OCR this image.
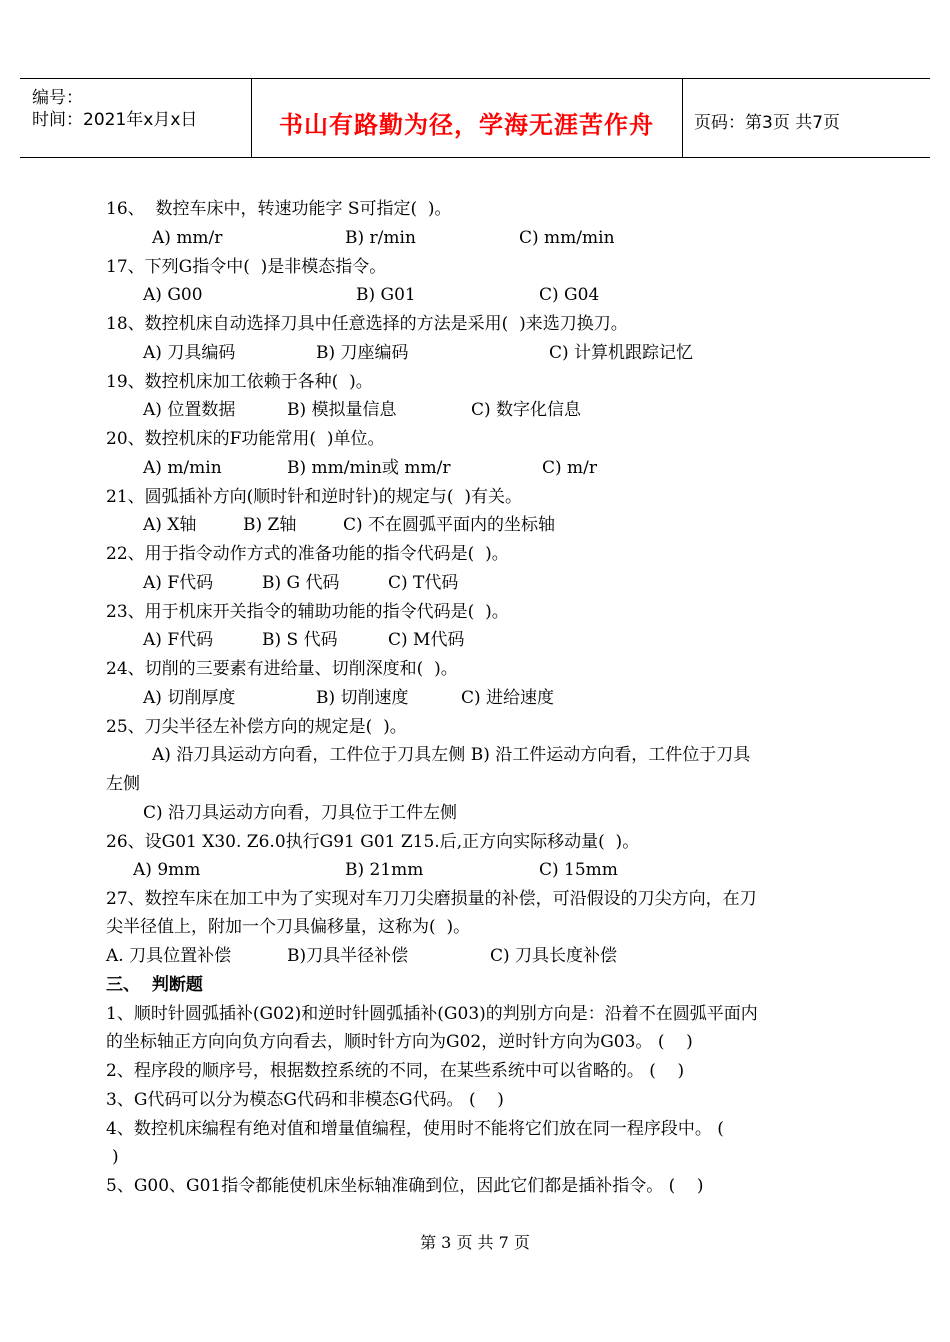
编号：
时间：2021年x月x日	书山有路勤为径，学海无涯苦作舟	页码：第3页 共7页
16、  数控车床中，转速功能字 S可指定(  )。
A) mm/r	B) r/min	C) mm/min
17、下列G指令中(  )是非模态指令。
A) G00	B) G01	C) G04
18、数控机床自动选择刀具中任意选择的方法是采用(  )来选刀换刀。
A) 刀具编码	B) 刀座编码	C) 计算机跟踪记忆
19、数控机床加工依赖于各种(  )。
A) 位置数据	B) 模拟量信息	C) 数字化信息
20、数控机床的F功能常用(  )单位。
A) m/min	B) mm/min或 mm/r	C) m/r
21、圆弧插补方向(顺时针和逆时针)的规定与(  )有关。
A) X轴	B) Z轴	C) 不在圆弧平面内的坐标轴
22、用于指令动作方式的准备功能的指令代码是(  )。
A) F代码	B) G 代码	C) T代码
23、用于机床开关指令的辅助功能的指令代码是(  )。
A) F代码	B) S 代码	C) M代码
24、切削的三要素有进给量、切削深度和(  )。
A) 切削厚度	B) 切削速度	C) 进给速度
25、刀尖半径左补偿方向的规定是(  )。
A) 沿刀具运动方向看，工件位于刀具左侧 B) 沿工件运动方向看，工件位于刀具
左侧
C) 沿刀具运动方向看，刀具位于工件左侧
26、设G01 X30. Z6.0执行G91 G01 Z15.后,正方向实际移动量(  )。
A) 9mm	B) 21mm	C) 15mm
27、数控车床在加工中为了实现对车刀刀尖磨损量的补偿，可沿假设的刀尖方向，在刀
尖半径值上，附加一个刀具偏移量，这称为(  )。
A. 刀具位置补偿	B)刀具半径补偿	C) 刀具长度补偿
三、  判断题
1、顺时针圆弧插补(G02)和逆时针圆弧插补(G03)的判别方向是：沿着不在圆弧平面内
的坐标轴正方向向负方向看去，顺时针方向为G02，逆时针方向为G03。 (    )
2、程序段的顺序号，根据数控系统的不同，在某些系统中可以省略的。 (    )
3、G代码可以分为模态G代码和非模态G代码。 (    )
4、数控机床编程有绝对值和增量值编程，使用时不能将它们放在同一程序段中。 (
)
5、G00、G01指令都能使机床坐标轴准确到位，因此它们都是插补指令。 (    )
第 3 页 共 7 页
